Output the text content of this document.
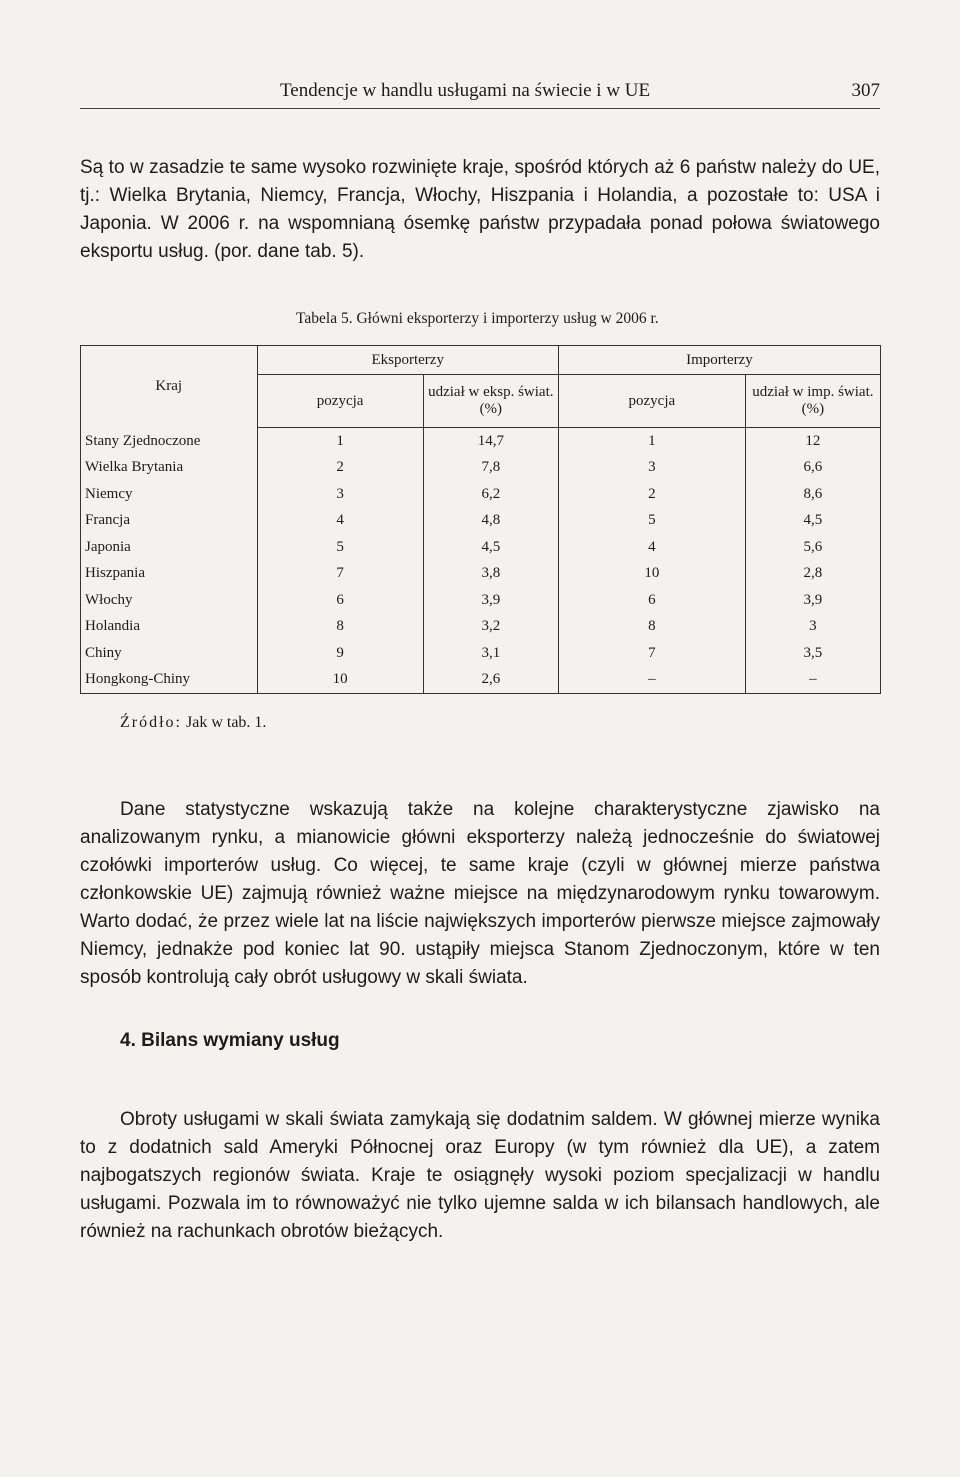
Tendencje w handlu usługami na świecie i w UE	307

Są to w zasadzie te same wysoko rozwinięte kraje, spośród których aż 6 państw należy do UE, tj.: Wielka Brytania, Niemcy, Francja, Włochy, Hiszpania i Holandia, a pozostałe to: USA i Japonia. W 2006 r. na wspomnianą ósemkę państw przypadała ponad połowa światowego eksportu usług. (por. dane tab. 5).

Tabela 5. Główni eksporterzy i importerzy usług w 2006 r.
Kraj	Eksporterzy		Importerzy	
	pozycja	udział w eksp. świat.(%)	pozycja	udział w imp. świat.(%)
Stany Zjednoczone	1	14,7	1	12
Wielka Brytania	2	7,8	3	6,6
Niemcy	3	6,2	2	8,6
Francja	4	4,8	5	4,5
Japonia	5	4,5	4	5,6
Hiszpania	7	3,8	10	2,8
Włochy	6	3,9	6	3,9
Holandia	8	3,2	8	3
Chiny	9	3,1	7	3,5
Hongkong-Chiny	10	2,6	–	–
Źródło: Jak w tab. 1.

Dane statystyczne wskazują także na kolejne charakterystyczne zjawisko na analizowanym rynku, a mianowicie główni eksporterzy należą jednocześnie do światowej czołówki importerów usług. Co więcej, te same kraje (czyli w głównej mierze państwa członkowskie UE) zajmują również ważne miejsce na międzynarodowym rynku towarowym. Warto dodać, że przez wiele lat na liście największych importerów pierwsze miejsce zajmowały Niemcy, jednakże pod koniec lat 90. ustąpiły miejsca Stanom Zjednoczonym, które w ten sposób kontrolują cały obrót usługowy w skali świata.

4. Bilans wymiany usług

Obroty usługami w skali świata zamykają się dodatnim saldem. W głównej mierze wynika to z dodatnich sald Ameryki Północnej oraz Europy (w tym również dla UE), a zatem najbogatszych regionów świata. Kraje te osiągnęły wysoki poziom specjalizacji w handlu usługami. Pozwala im to równoważyć nie tylko ujemne salda w ich bilansach handlowych, ale również na rachunkach obrotów bieżących.
